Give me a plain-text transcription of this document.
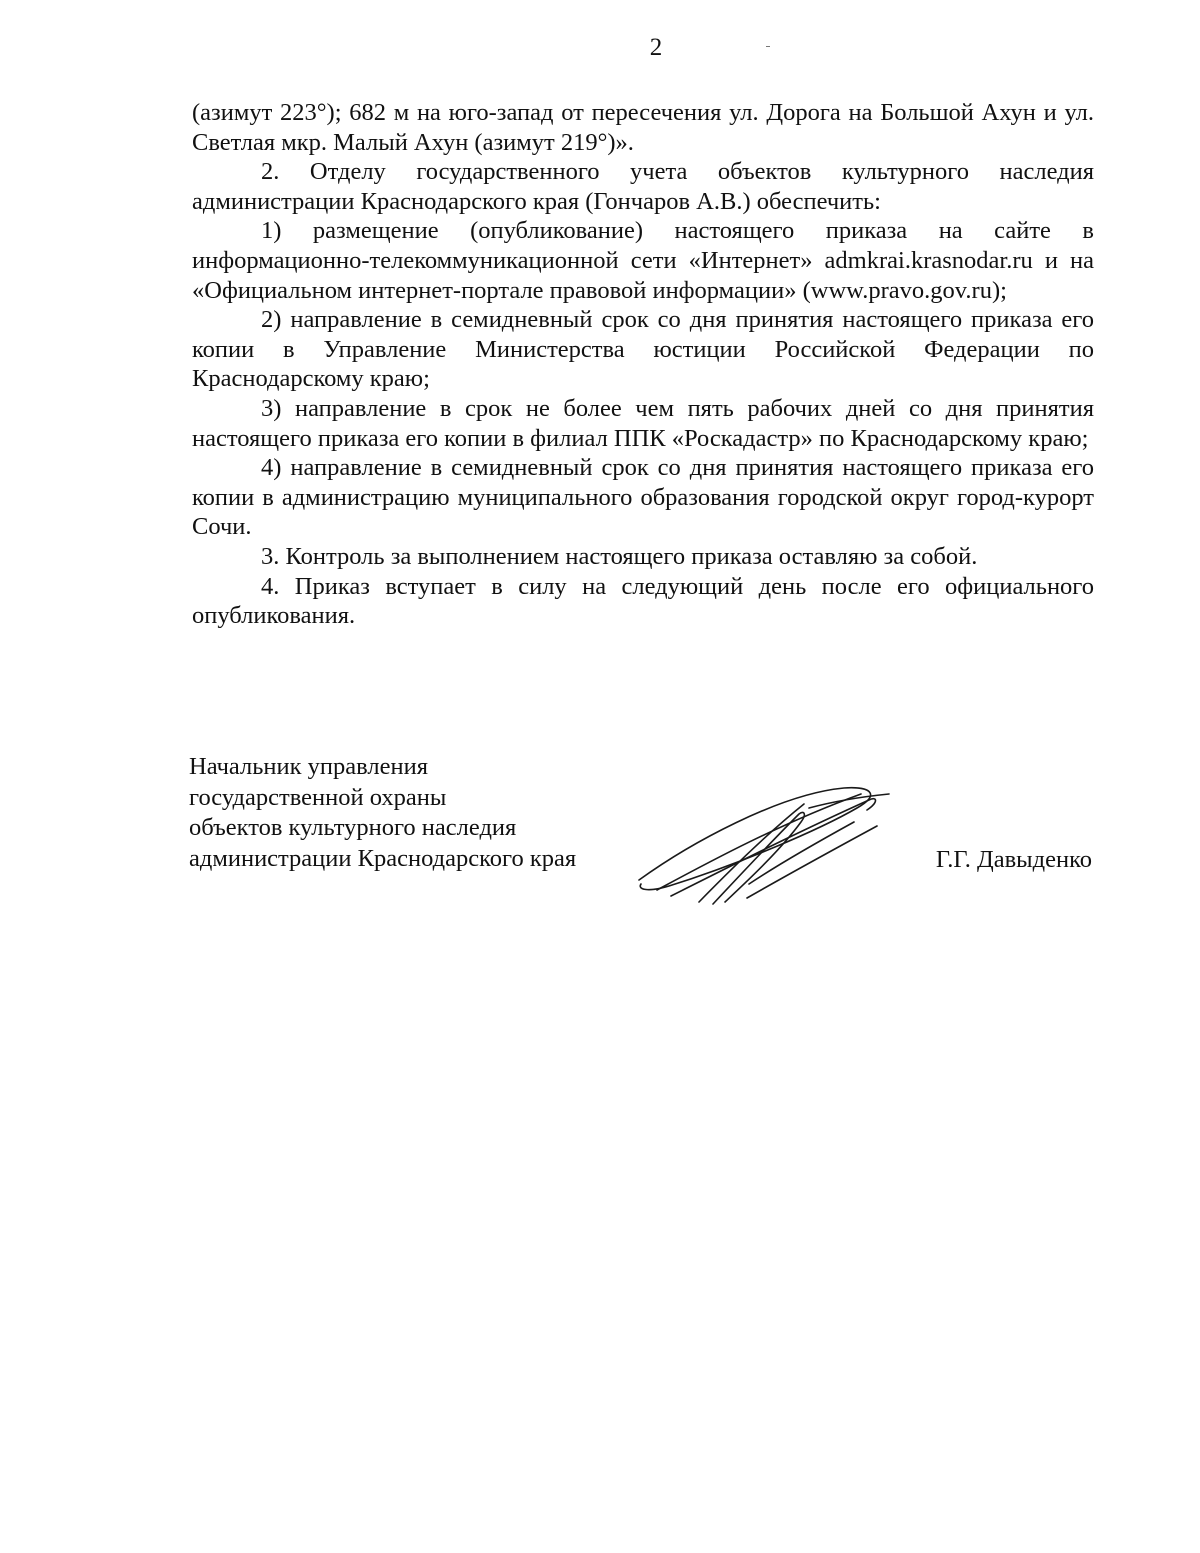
2

(азимут 223°); 682 м на юго-запад от пересечения ул. Дорога на Большой Ахун и ул. Светлая мкр. Малый Ахун (азимут 219°)».

2. Отделу государственного учета объектов культурного наследия администрации Краснодарского края (Гончаров А.В.) обеспечить:

1) размещение (опубликование) настоящего приказа на сайте в информационно-телекоммуникационной сети «Интернет» admkrai.krasnodar.ru и на «Официальном интернет-портале правовой информации» (www.pravo.gov.ru);

2) направление в семидневный срок со дня принятия настоящего приказа его копии в Управление Министерства юстиции Российской Федерации по Краснодарскому краю;

3) направление в срок не более чем пять рабочих дней со дня принятия настоящего приказа его копии в филиал ППК «Роскадастр» по Краснодарскому краю;

4) направление в семидневный срок со дня принятия настоящего приказа его копии в администрацию муниципального образования городской округ город-курорт Сочи.

3. Контроль за выполнением настоящего приказа оставляю за собой.

4. Приказ вступает в силу на следующий день после его официального опубликования.

Начальник управления
государственной охраны
объектов культурного наследия
администрации Краснодарского края	Г.Г. Давыденко
